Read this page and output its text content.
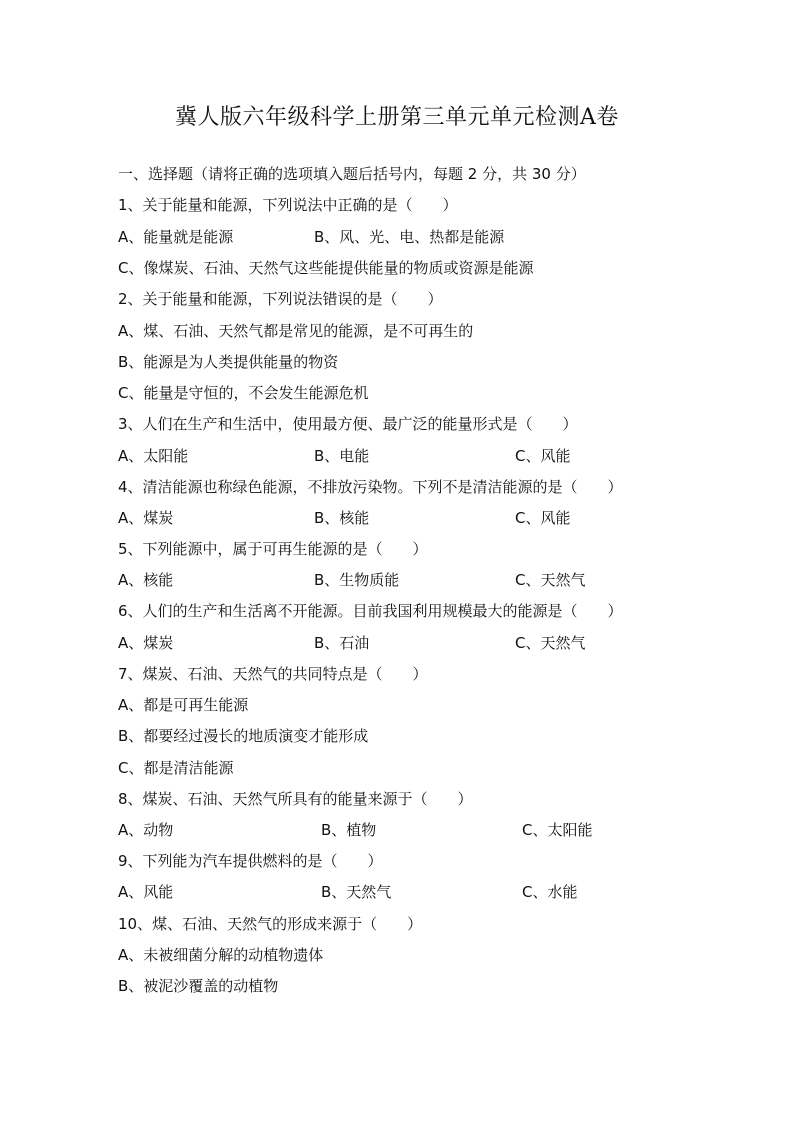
冀人版六年级科学上册第三单元单元检测A卷
一、选择题（请将正确的选项填入题后括号内，每题 2 分，共 30 分）
1、关于能量和能源，下列说法中正确的是（　　）
A、能量就是能源	B、风、光、电、热都是能源
C、像煤炭、石油、天然气这些能提供能量的物质或资源是能源
2、关于能量和能源，下列说法错误的是（　　）
A、煤、石油、天然气都是常见的能源，是不可再生的
B、能源是为人类提供能量的物资
C、能量是守恒的，不会发生能源危机
3、人们在生产和生活中，使用最方便、最广泛的能量形式是（　　）
A、太阳能	B、电能	C、风能
4、清洁能源也称绿色能源，不排放污染物。下列不是清洁能源的是（　　）
A、煤炭	B、核能	C、风能
5、下列能源中，属于可再生能源的是（　　）
A、核能	B、生物质能	C、天然气
6、人们的生产和生活离不开能源。目前我国利用规模最大的能源是（　　）
A、煤炭	B、石油	C、天然气
7、煤炭、石油、天然气的共同特点是（　　）
A、都是可再生能源
B、都要经过漫长的地质演变才能形成
C、都是清洁能源
8、煤炭、石油、天然气所具有的能量来源于（　　）
A、动物	B、植物	C、太阳能
9、下列能为汽车提供燃料的是（　　）
A、风能	B、天然气	C、水能
10、煤、石油、天然气的形成来源于（　　）
A、未被细菌分解的动植物遗体
B、被泥沙覆盖的动植物
